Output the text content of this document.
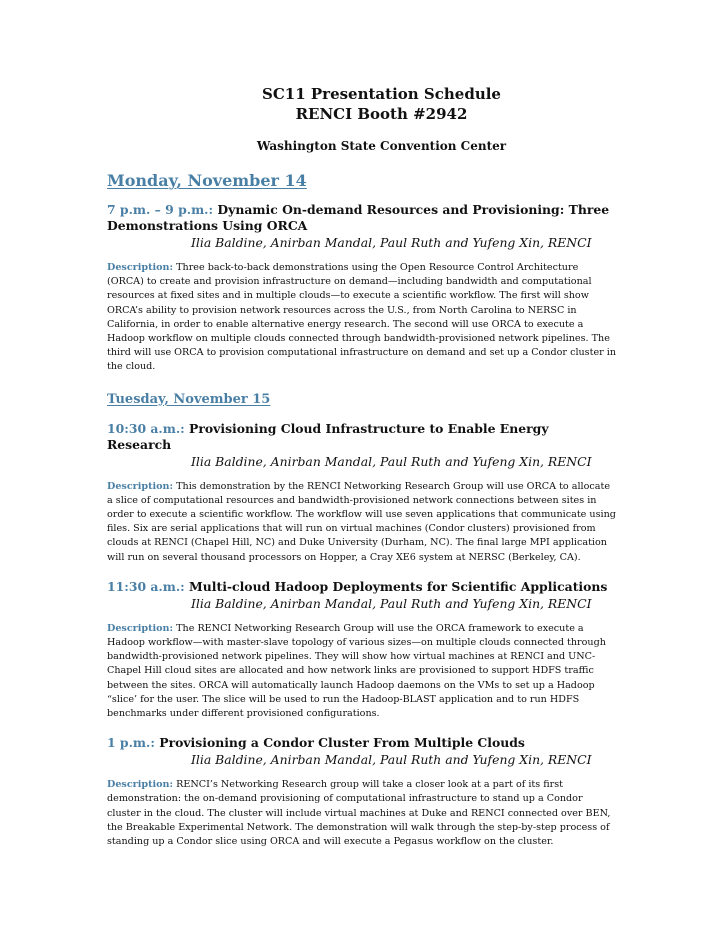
SC11 Presentation Schedule
RENCI Booth #2942
Washington State Convention Center
Monday, November 14
7 p.m. – 9 p.m.: Dynamic On-demand Resources and Provisioning: Three Demonstrations Using ORCA
Ilia Baldine, Anirban Mandal, Paul Ruth and Yufeng Xin, RENCI
Description: Three back-to-back demonstrations using the Open Resource Control Architecture (ORCA) to create and provision infrastructure on demand—including bandwidth and computational resources at fixed sites and in multiple clouds—to execute a scientific workflow. The first will show ORCA’s ability to provision network resources across the U.S., from North Carolina to NERSC in California, in order to enable alternative energy research. The second will use ORCA to execute a Hadoop workflow on multiple clouds connected through bandwidth-provisioned network pipelines. The third will use ORCA to provision computational infrastructure on demand and set up a Condor cluster in the cloud.
Tuesday, November 15
10:30 a.m.: Provisioning Cloud Infrastructure to Enable Energy Research
Ilia Baldine, Anirban Mandal, Paul Ruth and Yufeng Xin, RENCI
Description: This demonstration by the RENCI Networking Research Group will use ORCA to allocate a slice of computational resources and bandwidth-provisioned network connections between sites in order to execute a scientific workflow. The workflow will use seven applications that communicate using files. Six are serial applications that will run on virtual machines (Condor clusters) provisioned from clouds at RENCI (Chapel Hill, NC) and Duke University (Durham, NC). The final large MPI application will run on several thousand processors on Hopper, a Cray XE6 system at NERSC (Berkeley, CA).
11:30 a.m.: Multi-cloud Hadoop Deployments for Scientific Applications
Ilia Baldine, Anirban Mandal, Paul Ruth and Yufeng Xin, RENCI
Description: The RENCI Networking Research Group will use the ORCA framework to execute a Hadoop workflow—with master-slave topology of various sizes—on multiple clouds connected through bandwidth-provisioned network pipelines. They will show how virtual machines at RENCI and UNC-Chapel Hill cloud sites are allocated and how network links are provisioned to support HDFS traffic between the sites. ORCA will automatically launch Hadoop daemons on the VMs to set up a Hadoop “slice’ for the user. The slice will be used to run the Hadoop-BLAST application and to run HDFS benchmarks under different provisioned configurations.
1 p.m.: Provisioning a Condor Cluster From Multiple Clouds
Ilia Baldine, Anirban Mandal, Paul Ruth and Yufeng Xin, RENCI
Description: RENCI’s Networking Research group will take a closer look at a part of its first demonstration: the on-demand provisioning of computational infrastructure to stand up a Condor cluster in the cloud. The cluster will include virtual machines at Duke and RENCI connected over BEN, the Breakable Experimental Network. The demonstration will walk through the step-by-step process of standing up a Condor slice using ORCA and will execute a Pegasus workflow on the cluster.
